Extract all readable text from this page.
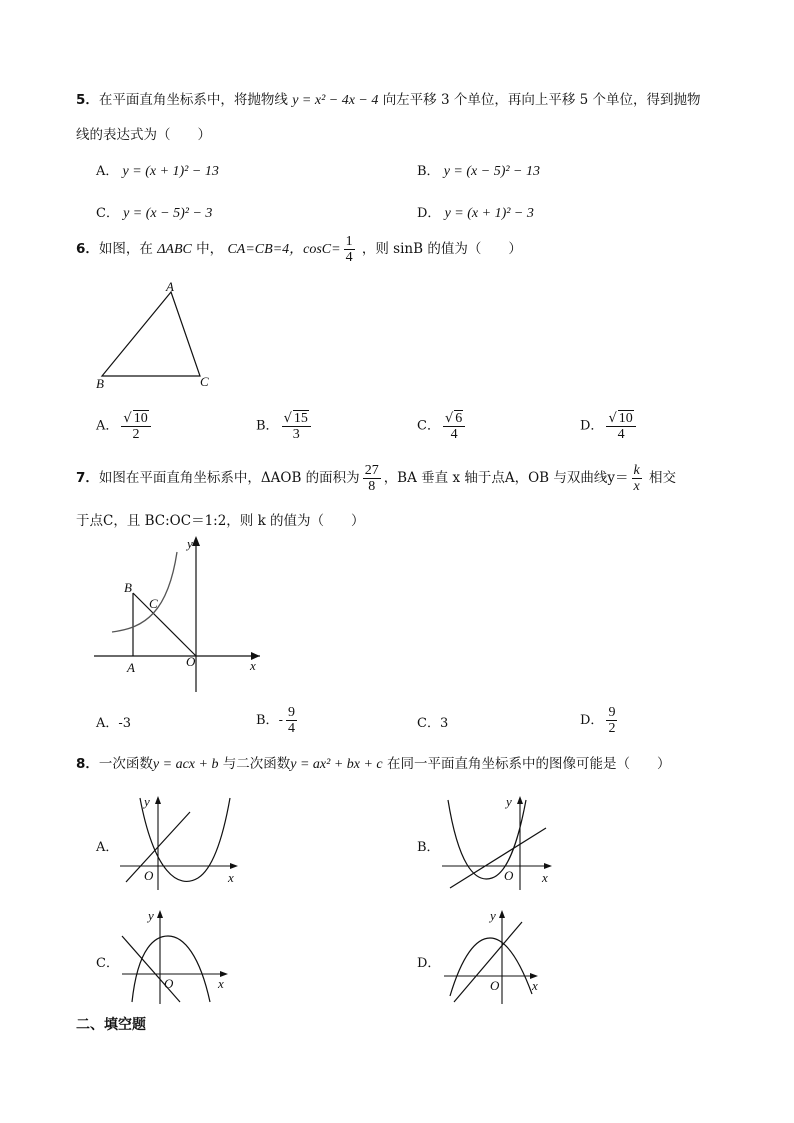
5．在平面直角坐标系中，将抛物线 y = x² − 4x − 4 向左平移 3 个单位，再向上平移 5 个单位，得到抛物
线的表达式为（　　）
A． y = (x + 1)² − 13	B． y = (x − 5)² − 13
C． y = (x − 5)² − 3	D． y = (x + 1)² − 3
6．如图，在 ΔABC 中， CA=CB=4，$\cos C= \frac{1}{4}$ ，则 sinB 的值为（　　）
A
B	C
A． $\frac{√ 10}{2}$	B． $\frac{√ 15}{3}$	C． $\frac{√ 6}{4}$	D． $\frac{√ 10}{4}$
7．如图在平面直角坐标系中，ΔAOB 的面积为 $\frac{27}{8}$ ，BA 垂直 x 轴于点A，OB 与双曲线$y= \frac{k}{x}$ 相交
于点C，且 BC:OC＝1:2，则 k 的值为（　　）
y
B
C
A	O	x
A．-3	B．- $\frac{9}{4}$	C．3	D． $\frac{9}{2}$
8．一次函数y = acx + b 与二次函数y = ax² + bx + c 在同一平面直角坐标系中的图像可能是（　　）
A．
y
O	x
B．
y
O x
C．
y
O	x
D．
y
O	x
二、填空题
